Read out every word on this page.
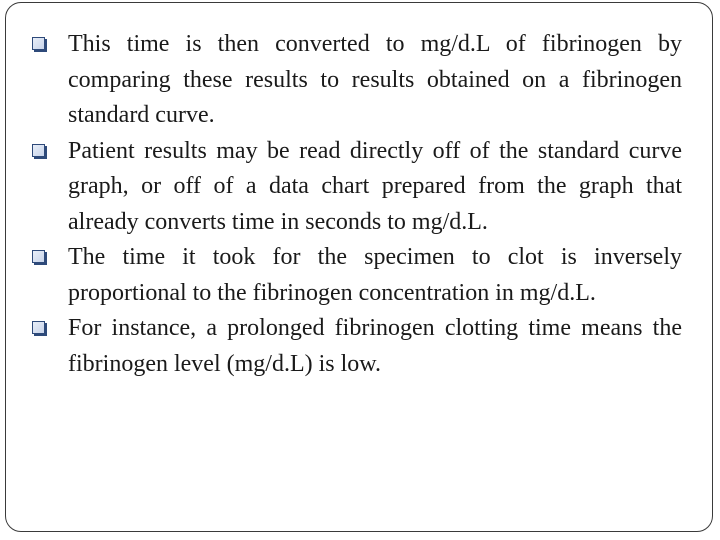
This time is then converted to mg/d.L of fibrinogen by comparing these results to results obtained on a fibrinogen standard curve.
Patient results may be read directly off of the standard curve graph, or off of a data chart prepared from the graph that already converts time in seconds to mg/d.L.
The time it took for the specimen to clot is inversely proportional to the fibrinogen concentration in mg/d.L.
For instance, a prolonged fibrinogen clotting time means the fibrinogen level (mg/d.L) is low.
